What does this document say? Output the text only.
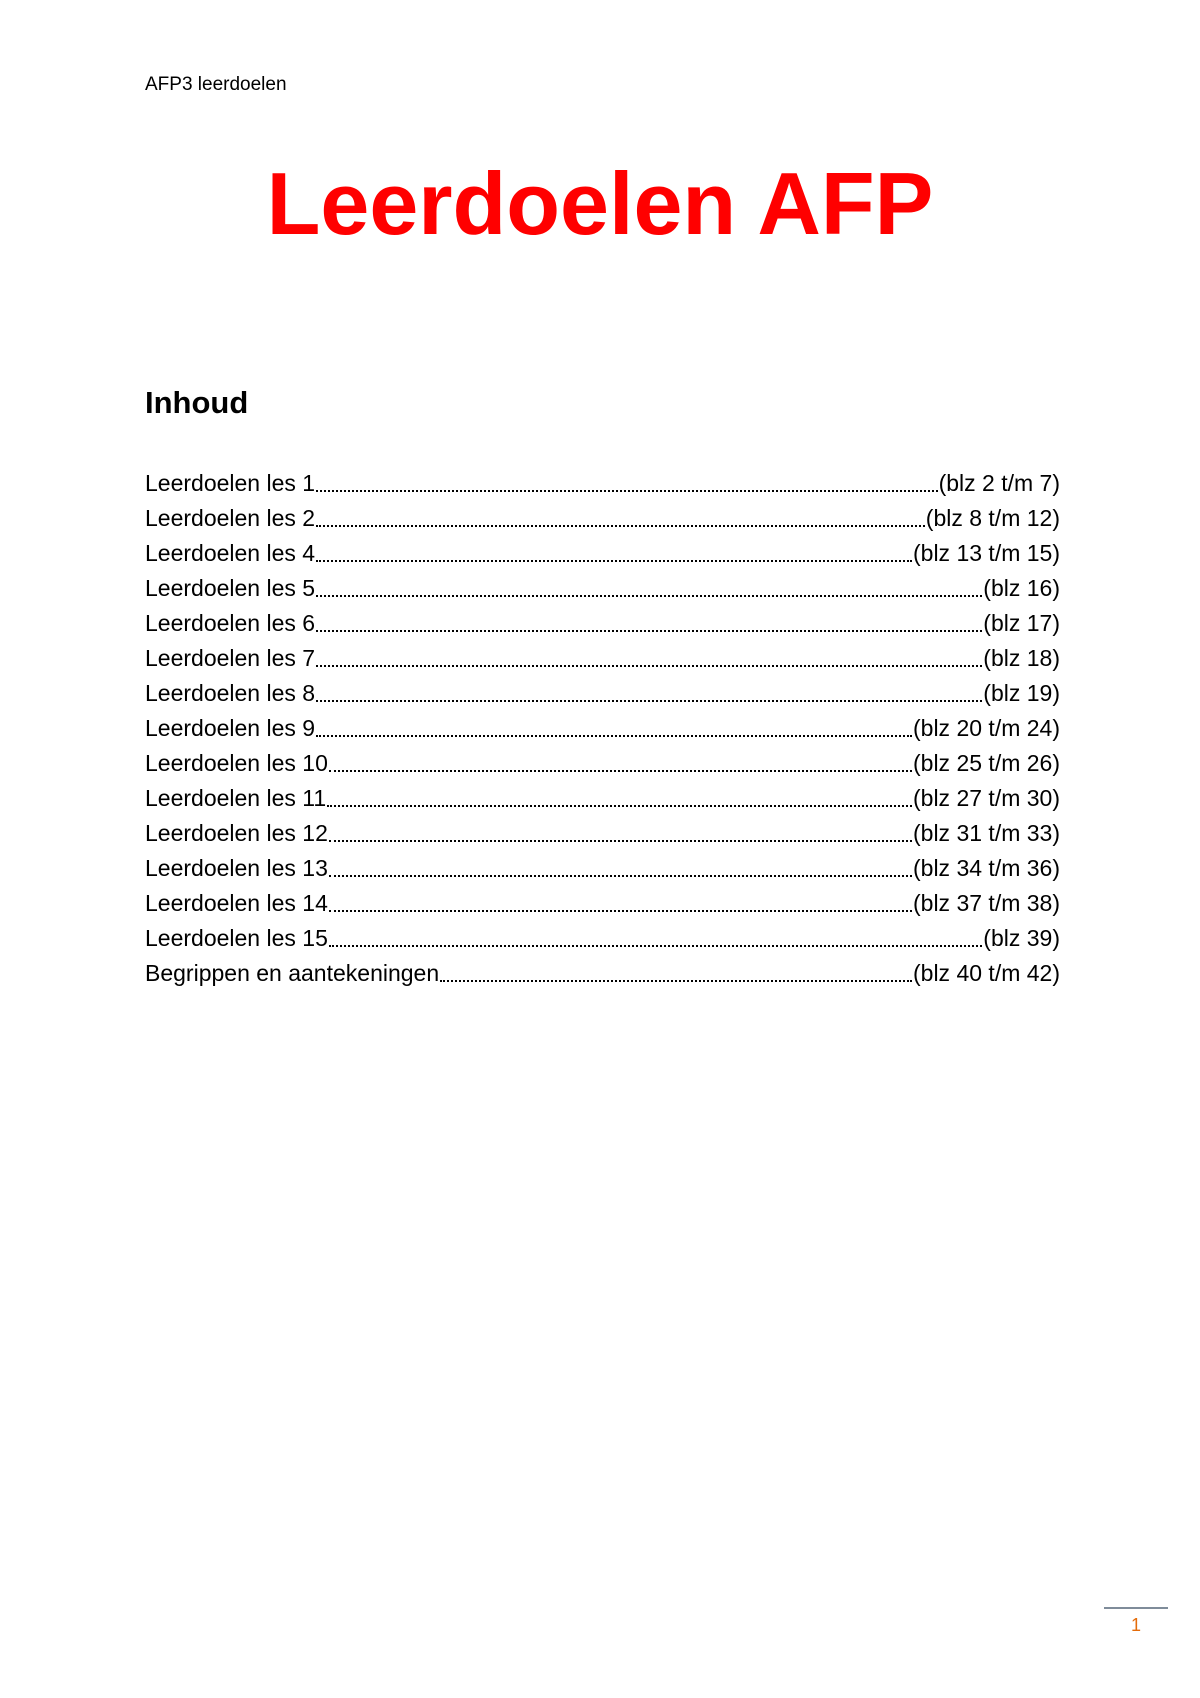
AFP3 leerdoelen
Leerdoelen AFP
Inhoud
Leerdoelen les 1	(blz 2 t/m 7)
Leerdoelen les 2	(blz 8 t/m 12)
Leerdoelen les 4	(blz 13 t/m 15)
Leerdoelen les 5	(blz 16)
Leerdoelen les 6	(blz 17)
Leerdoelen les 7	(blz 18)
Leerdoelen les 8	(blz 19)
Leerdoelen les 9	(blz 20 t/m 24)
Leerdoelen les 10	(blz 25 t/m 26)
Leerdoelen les 11	(blz 27 t/m 30)
Leerdoelen les 12	(blz 31 t/m 33)
Leerdoelen les 13	(blz 34 t/m 36)
Leerdoelen les 14	(blz 37 t/m 38)
Leerdoelen les 15	(blz 39)
Begrippen en aantekeningen	(blz 40 t/m 42)
1
